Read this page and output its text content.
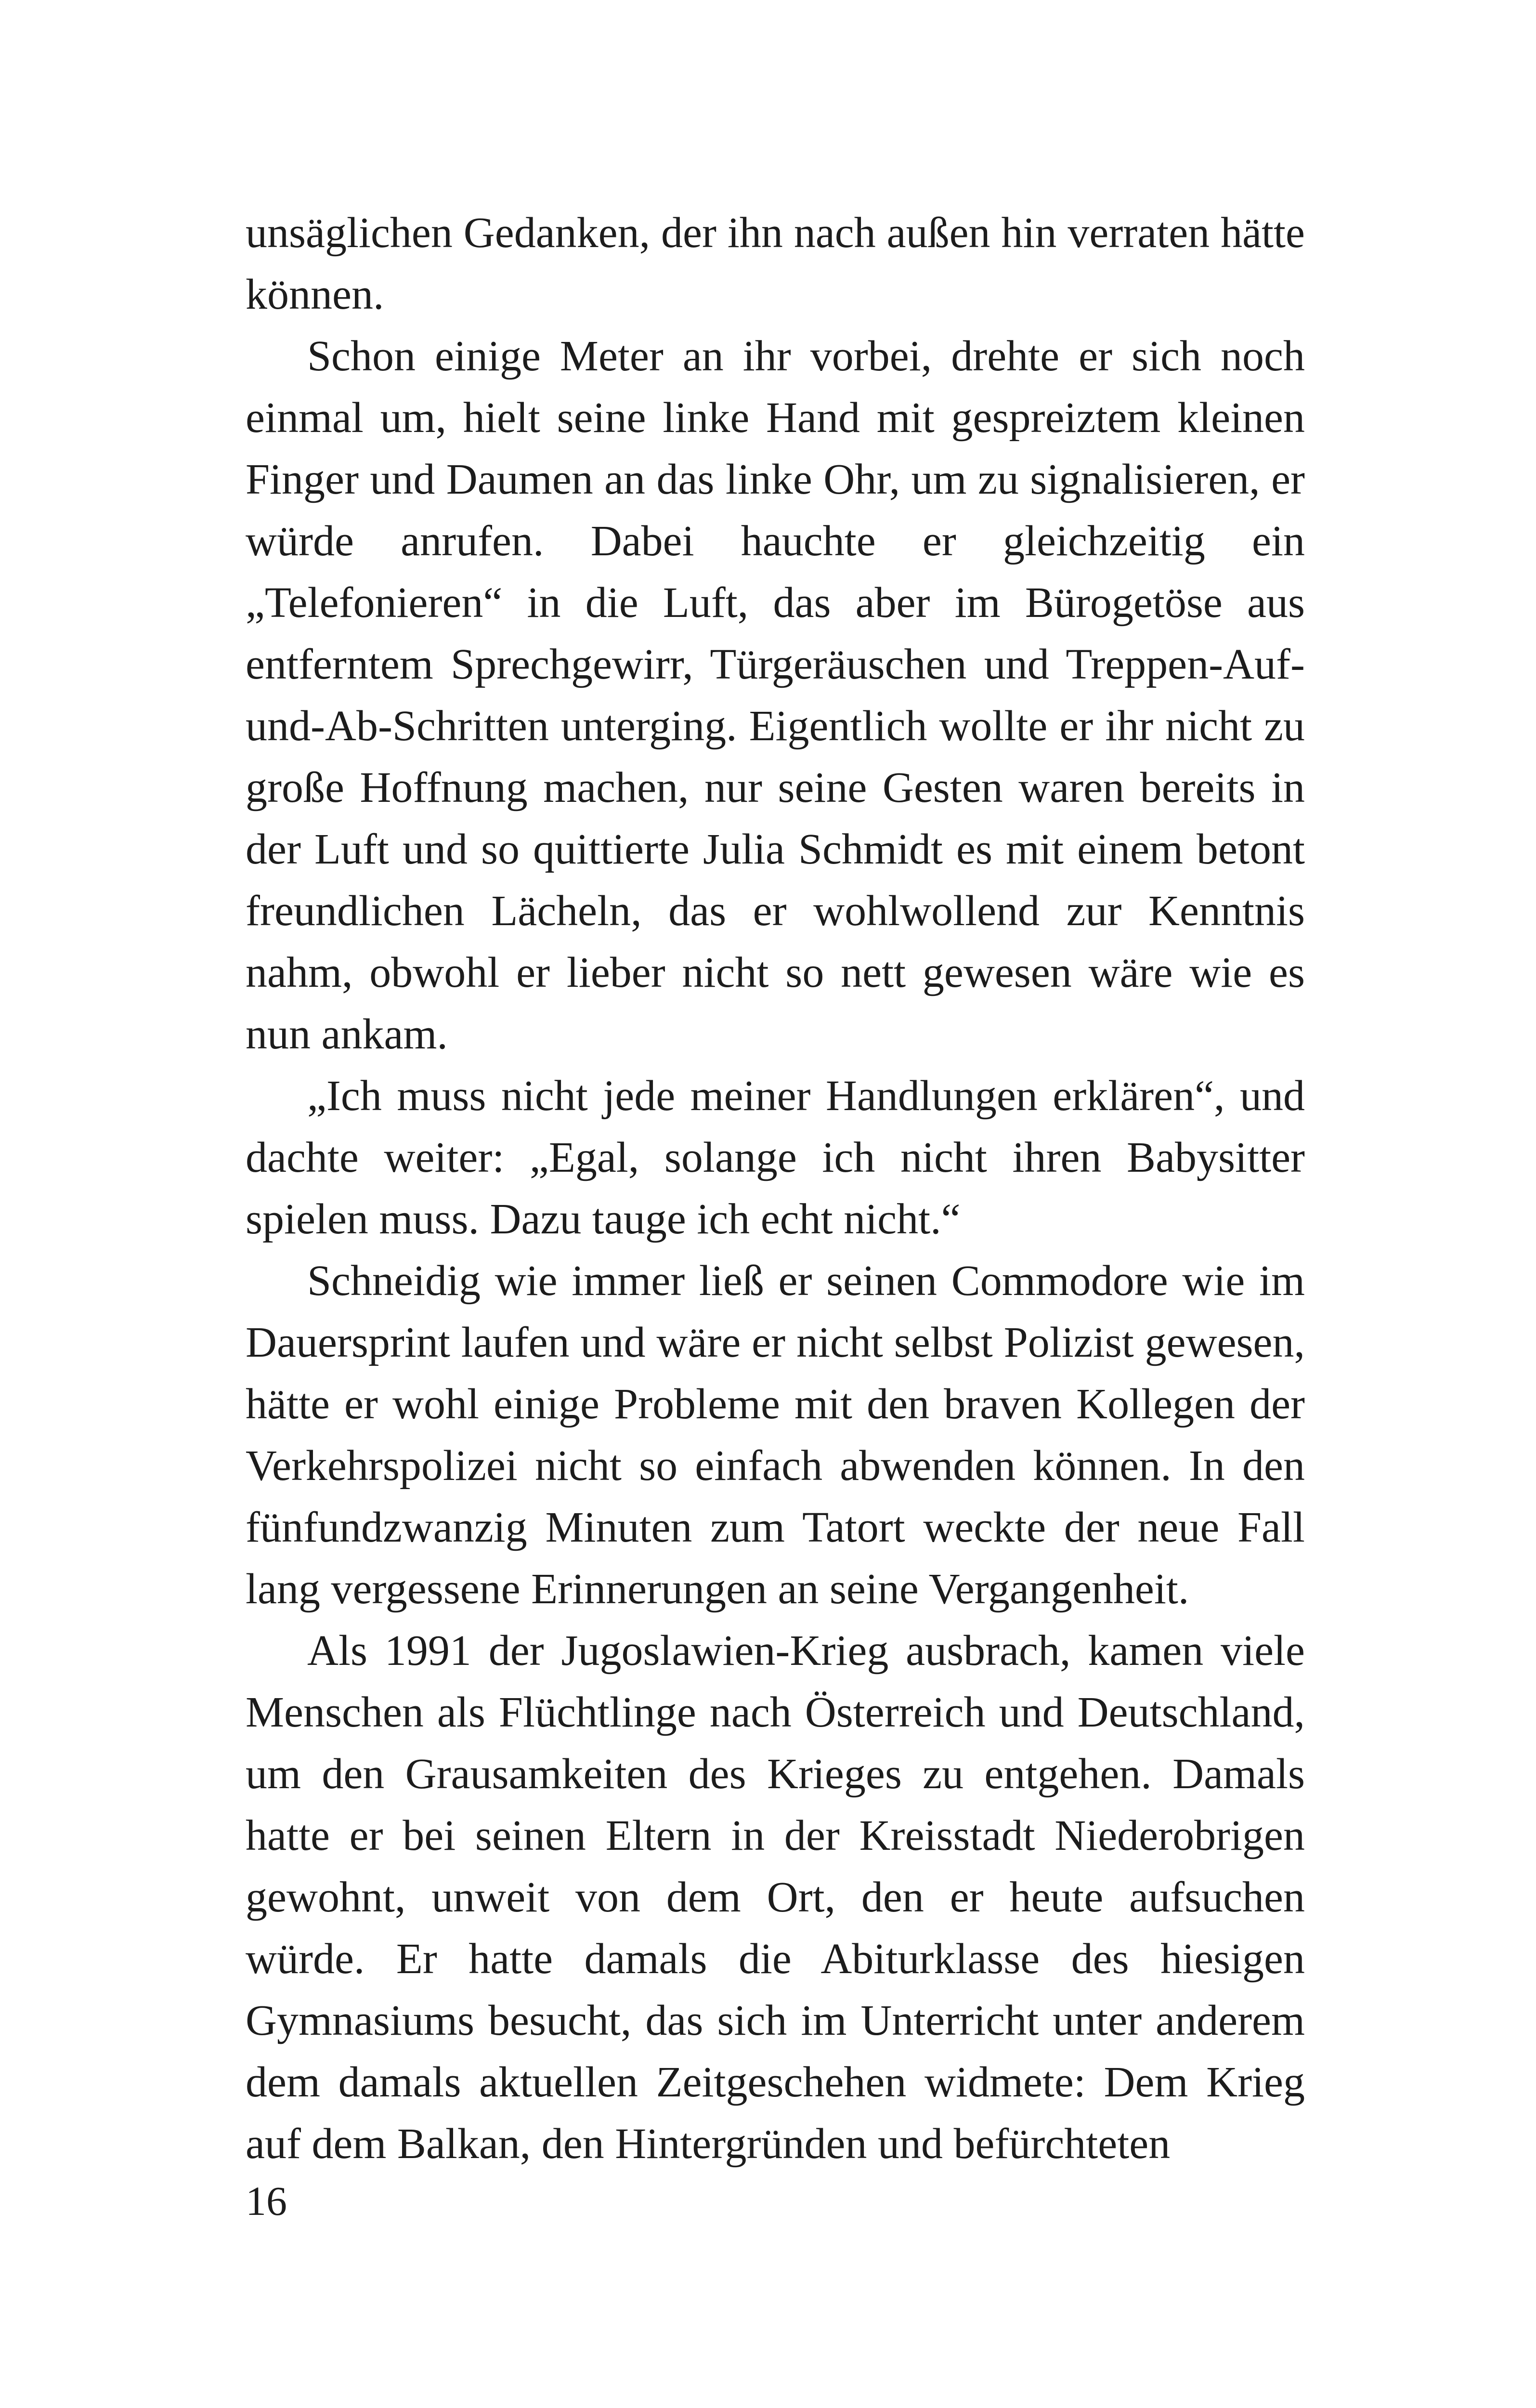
unsäglichen Gedanken, der ihn nach außen hin verraten hätte können.

Schon einige Meter an ihr vorbei, drehte er sich noch einmal um, hielt seine linke Hand mit gespreiztem kleinen Finger und Daumen an das linke Ohr, um zu signalisieren, er würde anrufen. Dabei hauchte er gleichzeitig ein „Telefonieren“ in die Luft, das aber im Bürogetöse aus entferntem Sprechgewirr, Türgeräuschen und Treppen-Auf-und-Ab-Schritten unterging. Eigentlich wollte er ihr nicht zu große Hoffnung machen, nur seine Gesten waren bereits in der Luft und so quittierte Julia Schmidt es mit einem betont freundlichen Lächeln, das er wohlwollend zur Kenntnis nahm, obwohl er lieber nicht so nett gewesen wäre wie es nun ankam.

„Ich muss nicht jede meiner Handlungen erklären“, und dachte weiter: „Egal, solange ich nicht ihren Babysitter spielen muss. Dazu tauge ich echt nicht.“

Schneidig wie immer ließ er seinen Commodore wie im Dauersprint laufen und wäre er nicht selbst Polizist gewesen, hätte er wohl einige Probleme mit den braven Kollegen der Verkehrspolizei nicht so einfach abwenden können. In den fünfundzwanzig Minuten zum Tatort weckte der neue Fall lang vergessene Erinnerungen an seine Vergangenheit.

Als 1991 der Jugoslawien-Krieg ausbrach, kamen viele Menschen als Flüchtlinge nach Österreich und Deutschland, um den Grausamkeiten des Krieges zu entgehen. Damals hatte er bei seinen Eltern in der Kreisstadt Niederobrigen gewohnt, unweit von dem Ort, den er heute aufsuchen würde. Er hatte damals die Abiturklasse des hiesigen Gymnasiums besucht, das sich im Unterricht unter anderem dem damals aktuellen Zeitgeschehen widmete: Dem Krieg auf dem Balkan, den Hintergründen und befürchteten

16
